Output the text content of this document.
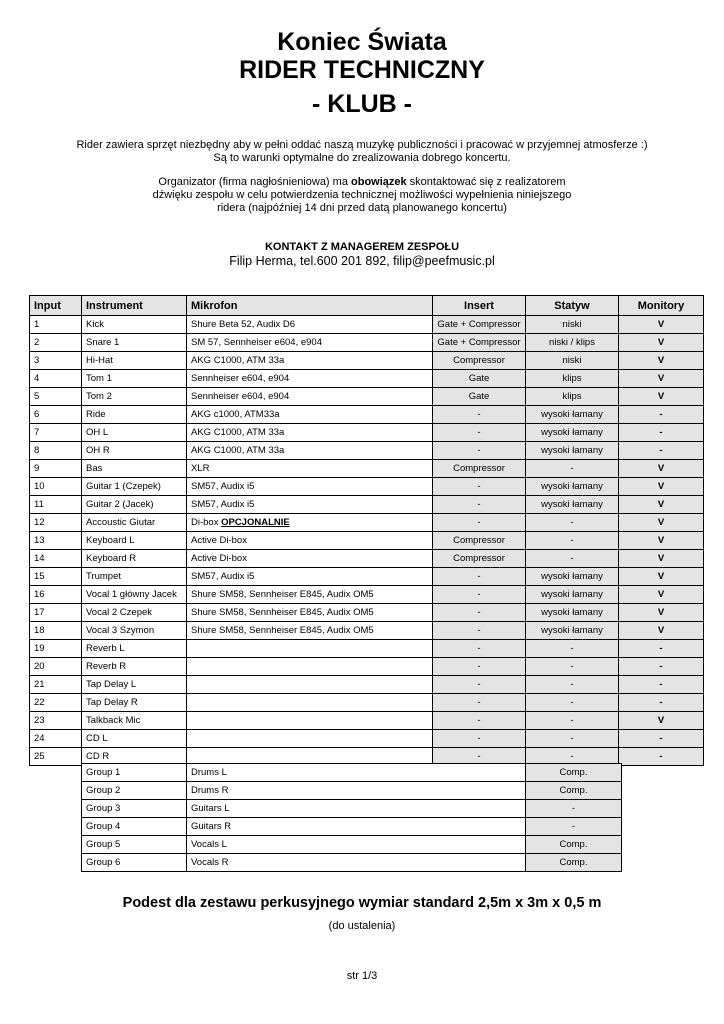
Koniec Świata
RIDER TECHNICZNY
- KLUB -
Rider zawiera sprzęt niezbędny aby w pełni oddać naszą muzykę publiczności i pracować w przyjemnej atmosferze :)
Są to warunki optymalne do zrealizowania dobrego koncertu.
Organizator (firma nagłośnieniowa) ma obowiązek skontaktować się z realizatorem
dźwięku zespołu w celu potwierdzenia technicznej możliwości wypełnienia niniejszego
ridera (najpóźniej 14 dni przed datą planowanego koncertu)
KONTAKT Z MANAGEREM ZESPOŁU
Filip Herma, tel.600 201 892, filip@peefmusic.pl
Input	Instrument	Mikrofon	Insert	Statyw	Monitory
1	Kick	Shure Beta 52, Audix D6	Gate + Compressor	niski	V
2	Snare 1	SM 57, Sennheiser e604, e904	Gate + Compressor	niski / klips	V
3	Hi-Hat	AKG C1000, ATM 33a	Compressor	niski	V
4	Tom 1	Sennheiser e604, e904	Gate	klips	V
5	Tom 2	Sennheiser e604, e904	Gate	klips	V
6	Ride	AKG c1000, ATM33a	-	wysoki łamany	-
7	OH L	AKG C1000, ATM 33a	-	wysoki łamany	-
8	OH R	AKG C1000, ATM 33a	-	wysoki łamany	-
9	Bas	XLR	Compressor	-	V
10	Guitar 1 (Czepek)	SM57, Audix i5	-	wysoki łamany	V
11	Guitar 2 (Jacek)	SM57, Audix i5	-	wysoki łamany	V
12	Accoustic Giutar	Di-box OPCJONALNIE	-	-	V
13	Keyboard L	Active Di-box	Compressor	-	V
14	Keyboard R	Active Di-box	Compressor	-	V
15	Trumpet	SM57, Audix i5	-	wysoki łamany	V
16	Vocal 1 główny Jacek	Shure SM58, Sennheiser E845, Audix OM5	-	wysoki łamany	V
17	Vocal 2 Czepek	Shure SM58, Sennheiser E845, Audix OM5	-	wysoki łamany	V
18	Vocal 3 Szymon	Shure SM58, Sennheiser E845, Audix OM5	-	wysoki łamany	V
19	Reverb L		-	-	-
20	Reverb R		-	-	-
21	Tap Delay L		-	-	-
22	Tap Delay R		-	-	-
23	Talkback Mic		-	-	V
24	CD L		-	-	-
25	CD R		-	-	-
Group 1	Drums L	Comp.
Group 2	Drums R	Comp.
Group 3	Guitars L	-
Group 4	Guitars R	-
Group 5	Vocals L	Comp.
Group 6	Vocals R	Comp.
Podest dla zestawu perkusyjnego wymiar standard 2,5m x 3m x 0,5 m
(do ustalenia)
str 1/3
